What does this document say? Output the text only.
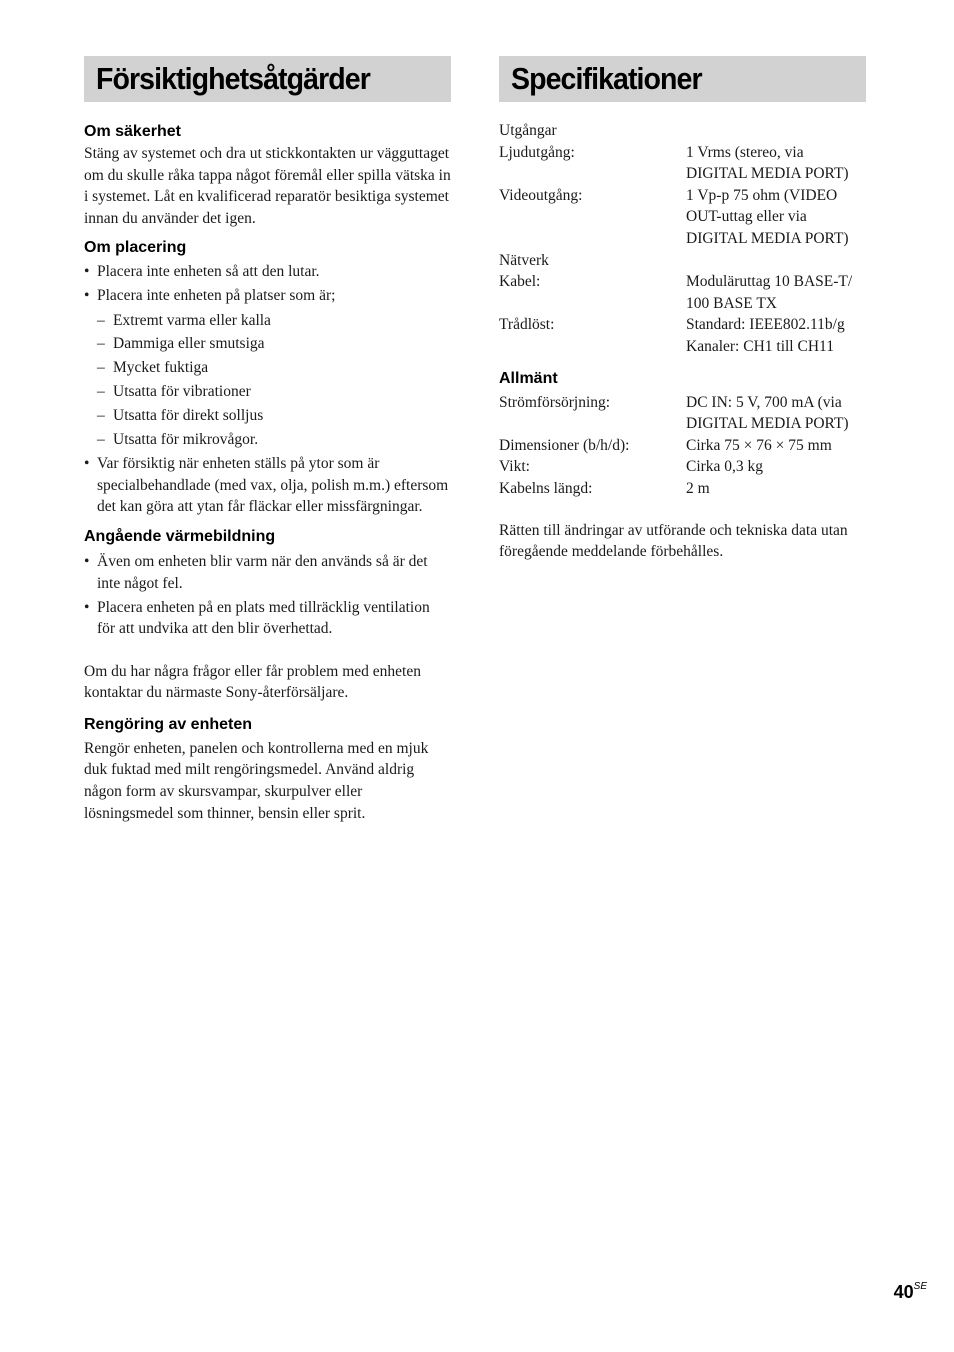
Försiktighetsåtgärder
Om säkerhet

Stäng av systemet och dra ut stickkontakten ur vägguttaget om du skulle råka tappa något föremål eller spilla vätska in i systemet. Låt en kvalificerad reparatör besiktiga systemet innan du använder det igen.

Om placering
• Placera inte enheten så att den lutar.
• Placera inte enheten på platser som är;
– Extremt varma eller kalla
– Dammiga eller smutsiga
– Mycket fuktiga
– Utsatta för vibrationer
– Utsatta för direkt solljus
– Utsatta för mikrovågor.
• Var försiktig när enheten ställs på ytor som är specialbehandlade (med vax, olja, polish m.m.) eftersom det kan göra att ytan får fläckar eller missfärgningar.
Angående värmebildning
• Även om enheten blir varm när den används så är det inte något fel.
• Placera enheten på en plats med tillräcklig ventilation för att undvika att den blir överhettad.

Om du har några frågor eller får problem med enheten kontaktar du närmaste Sony-återförsäljare.

Rengöring av enheten

Rengör enheten, panelen och kontrollerna med en mjuk duk fuktad med milt rengöringsmedel. Använd aldrig någon form av skursvampar, skurpulver eller lösningsmedel som thinner, bensin eller sprit.

Specifikationer
Utgångar
Ljudutgång:	1 Vrms (stereo, via DIGITAL MEDIA PORT)
Videoutgång:	1 Vp-p 75 ohm (VIDEO OUT-uttag eller via DIGITAL MEDIA PORT)
Nätverk
Kabel:	Moduläruttag 10 BASE-T/ 100 BASE TX
Trådlöst:	Standard: IEEE802.11b/g
Kanaler: CH1 till CH11
Allmänt
Strömförsörjning:	DC IN: 5 V, 700 mA (via DIGITAL MEDIA PORT)
Dimensioner (b/h/d):	Cirka 75 × 76 × 75 mm
Vikt:	Cirka 0,3 kg
Kabelns längd:	2 m

Rätten till ändringar av utförande och tekniska data utan föregående meddelande förbehålles.

$40^{SE}$
